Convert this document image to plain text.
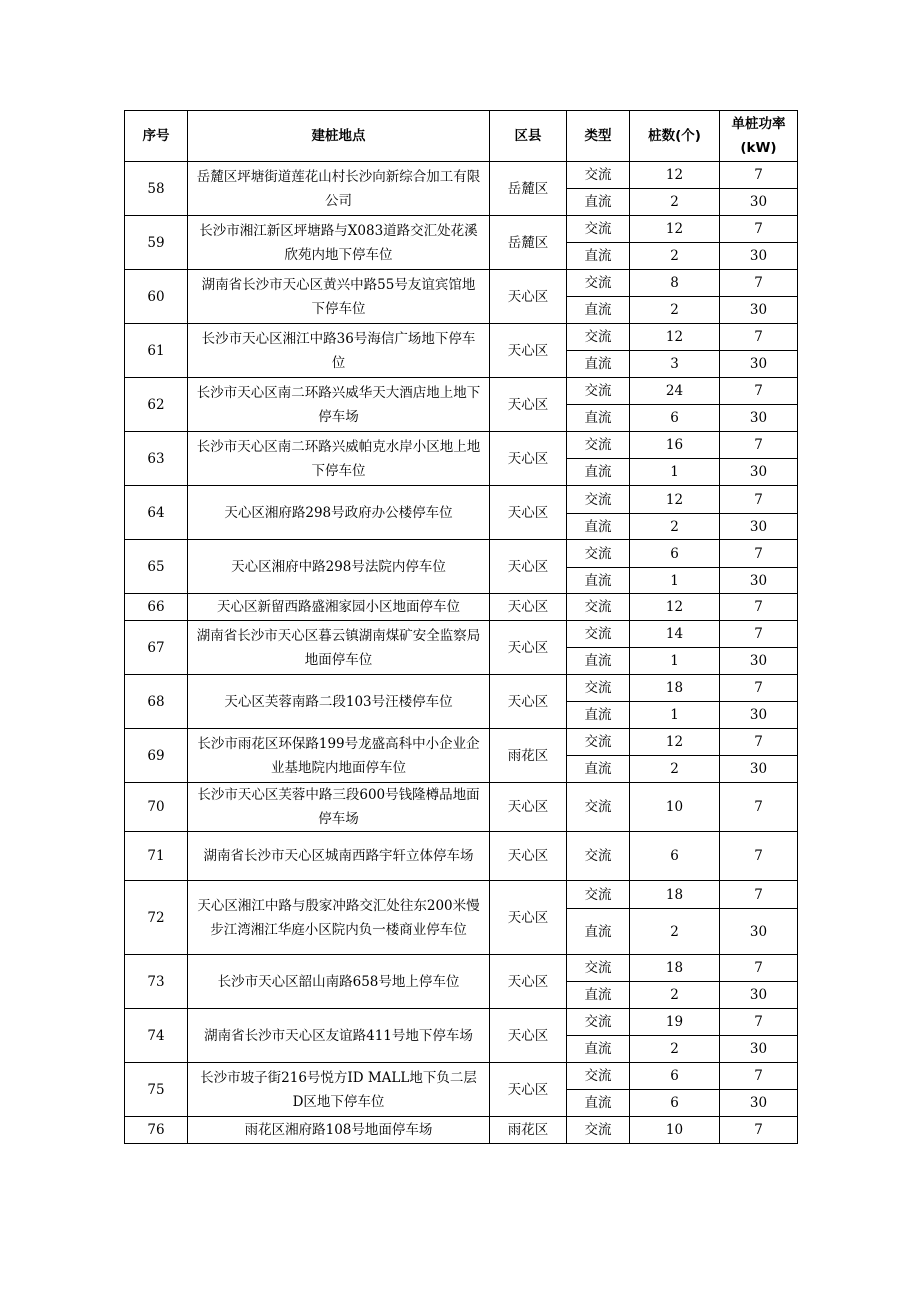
序号	建桩地点	区县	类型	桩数(个)	单桩功率(kW)
58	岳麓区坪塘街道莲花山村长沙向新综合加工有限公司	岳麓区	交流	12	7
			直流	2	30
59	长沙市湘江新区坪塘路与X083道路交汇处花溪欣苑内地下停车位	岳麓区	交流	12	7
			直流	2	30
60	湖南省长沙市天心区黄兴中路55号友谊宾馆地下停车位	天心区	交流	8	7
			直流	2	30
61	长沙市天心区湘江中路36号海信广场地下停车位	天心区	交流	12	7
			直流	3	30
62	长沙市天心区南二环路兴威华天大酒店地上地下停车场	天心区	交流	24	7
			直流	6	30
63	长沙市天心区南二环路兴威帕克水岸小区地上地下停车位	天心区	交流	16	7
			直流	1	30
64	天心区湘府路298号政府办公楼停车位	天心区	交流	12	7
			直流	2	30
65	天心区湘府中路298号法院内停车位	天心区	交流	6	7
			直流	1	30
66	天心区新留西路盛湘家园小区地面停车位	天心区	交流	12	7
67	湖南省长沙市天心区暮云镇湖南煤矿安全监察局地面停车位	天心区	交流	14	7
			直流	1	30
68	天心区芙蓉南路二段103号汪楼停车位	天心区	交流	18	7
			直流	1	30
69	长沙市雨花区环保路199号龙盛高科中小企业企业基地院内地面停车位	雨花区	交流	12	7
			直流	2	30
70	长沙市天心区芙蓉中路三段600号钱隆樽品地面停车场	天心区	交流	10	7
71	湖南省长沙市天心区城南西路宇轩立体停车场	天心区	交流	6	7
72	天心区湘江中路与殷家冲路交汇处往东200米慢步江湾湘江华庭小区院内负一楼商业停车位	天心区	交流	18	7
			直流	2	30
73	长沙市天心区韶山南路658号地上停车位	天心区	交流	18	7
			直流	2	30
74	湖南省长沙市天心区友谊路411号地下停车场	天心区	交流	19	7
			直流	2	30
75	长沙市坡子街216号悦方ID MALL地下负二层D区地下停车位	天心区	交流	6	7
			直流	6	30
76	雨花区湘府路108号地面停车场	雨花区	交流	10	7
